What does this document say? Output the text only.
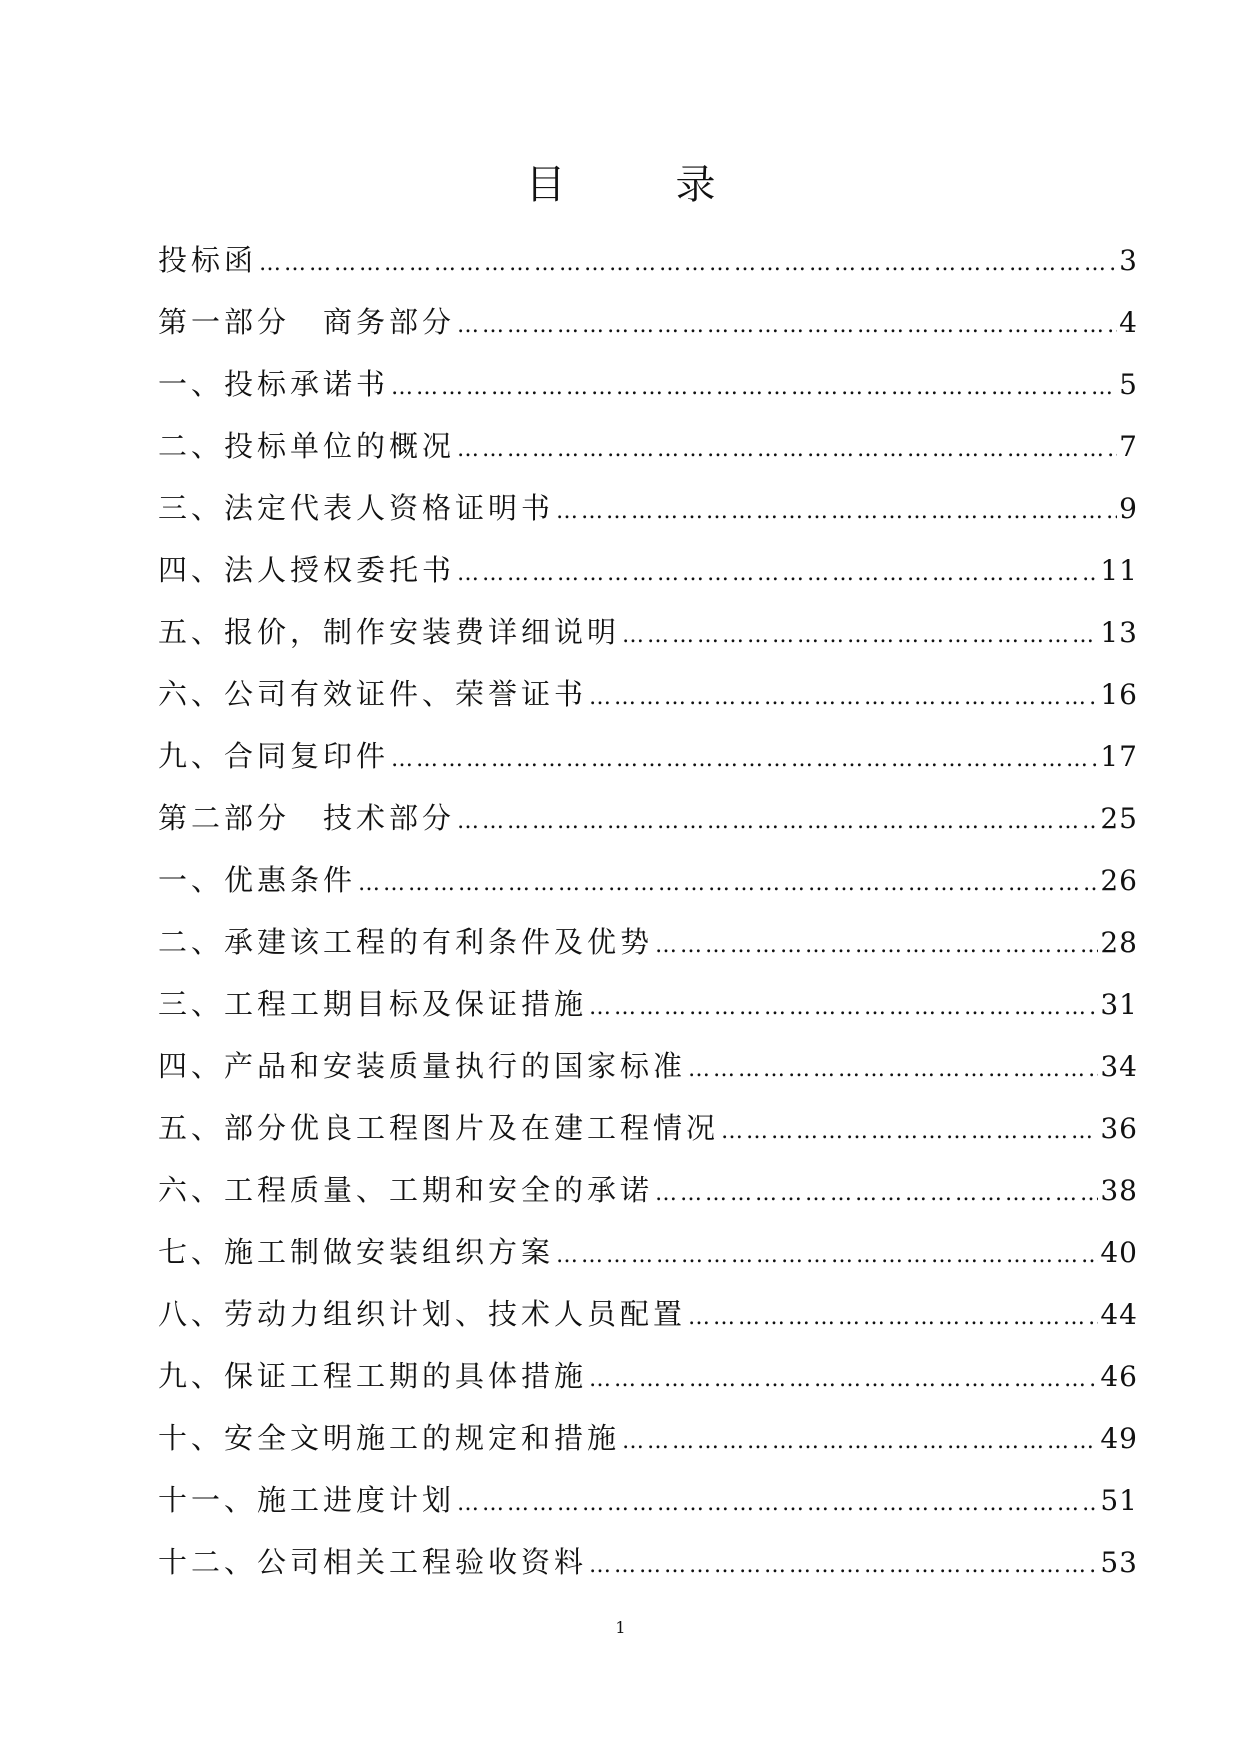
目	录
投标函 …………………………………………………………………………………………………………………………………………………………………………………………	3
第一部分　商务部分 …………………………………………………………………………………………………………………………………………………………………………………………	4
一、投标承诺书 …………………………………………………………………………………………………………………………………………………………………………………………	5
二、投标单位的概况 …………………………………………………………………………………………………………………………………………………………………………………………	7
三、法定代表人资格证明书 …………………………………………………………………………………………………………………………………………………………………………………………	9
四、法人授权委托书 …………………………………………………………………………………………………………………………………………………………………………………………	11
五、报价，制作安装费详细说明 …………………………………………………………………………………………………………………………………………………………………………………………	13
六、公司有效证件、荣誉证书 …………………………………………………………………………………………………………………………………………………………………………………………	16
九、合同复印件 …………………………………………………………………………………………………………………………………………………………………………………………	17
第二部分　技术部分 …………………………………………………………………………………………………………………………………………………………………………………………	25
一、优惠条件 …………………………………………………………………………………………………………………………………………………………………………………………	26
二、承建该工程的有利条件及优势 …………………………………………………………………………………………………………………………………………………………………………………………	28
三、工程工期目标及保证措施 …………………………………………………………………………………………………………………………………………………………………………………………	31
四、产品和安装质量执行的国家标准 …………………………………………………………………………………………………………………………………………………………………………………………	34
五、部分优良工程图片及在建工程情况 …………………………………………………………………………………………………………………………………………………………………………………………	36
六、工程质量、工期和安全的承诺 …………………………………………………………………………………………………………………………………………………………………………………………	38
七、施工制做安装组织方案 …………………………………………………………………………………………………………………………………………………………………………………………	40
八、劳动力组织计划、技术人员配置 …………………………………………………………………………………………………………………………………………………………………………………………	44
九、保证工程工期的具体措施 …………………………………………………………………………………………………………………………………………………………………………………………	46
十、安全文明施工的规定和措施 …………………………………………………………………………………………………………………………………………………………………………………………	49
十一、施工进度计划 …………………………………………………………………………………………………………………………………………………………………………………………	51
十二、公司相关工程验收资料 …………………………………………………………………………………………………………………………………………………………………………………………	53
1
